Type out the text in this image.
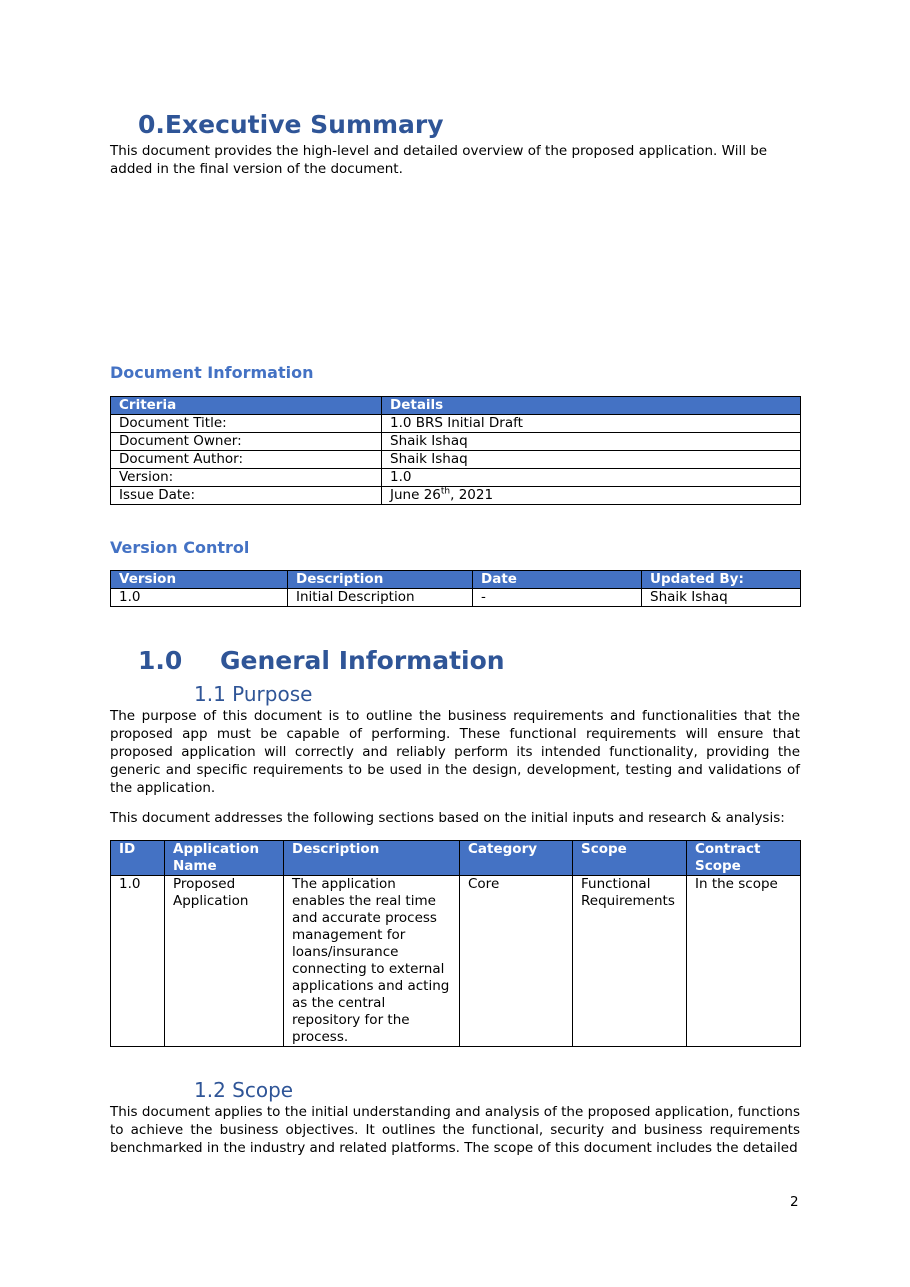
0.Executive Summary
This document provides the high-level and detailed overview of the proposed application. Will be added in the final version of the document.
Document Information
Criteria	Details
Document Title:	1.0 BRS Initial Draft
Document Owner:	Shaik Ishaq
Document Author:	Shaik Ishaq
Version:	1.0
Issue Date:	June 26th, 2021
Version Control
Version	Description	Date	Updated By:
1.0	Initial Description	-	Shaik Ishaq
1.0 General Information
1.1 Purpose
The purpose of this document is to outline the business requirements and functionalities that the proposed app must be capable of performing. These functional requirements will ensure that proposed application will correctly and reliably perform its intended functionality, providing the generic and specific requirements to be used in the design, development, testing and validations of the application.
This document addresses the following sections based on the initial inputs and research & analysis:
ID	Application Name	Description	Category	Scope	Contract Scope
1.0	Proposed Application	The application enables the real time and accurate process management for loans/insurance connecting to external applications and acting as the central repository for the process.	Core	Functional Requirements	In the scope
1.2 Scope
This document applies to the initial understanding and analysis of the proposed application, functions to achieve the business objectives. It outlines the functional, security and business requirements benchmarked in the industry and related platforms. The scope of this document includes the detailed
2
